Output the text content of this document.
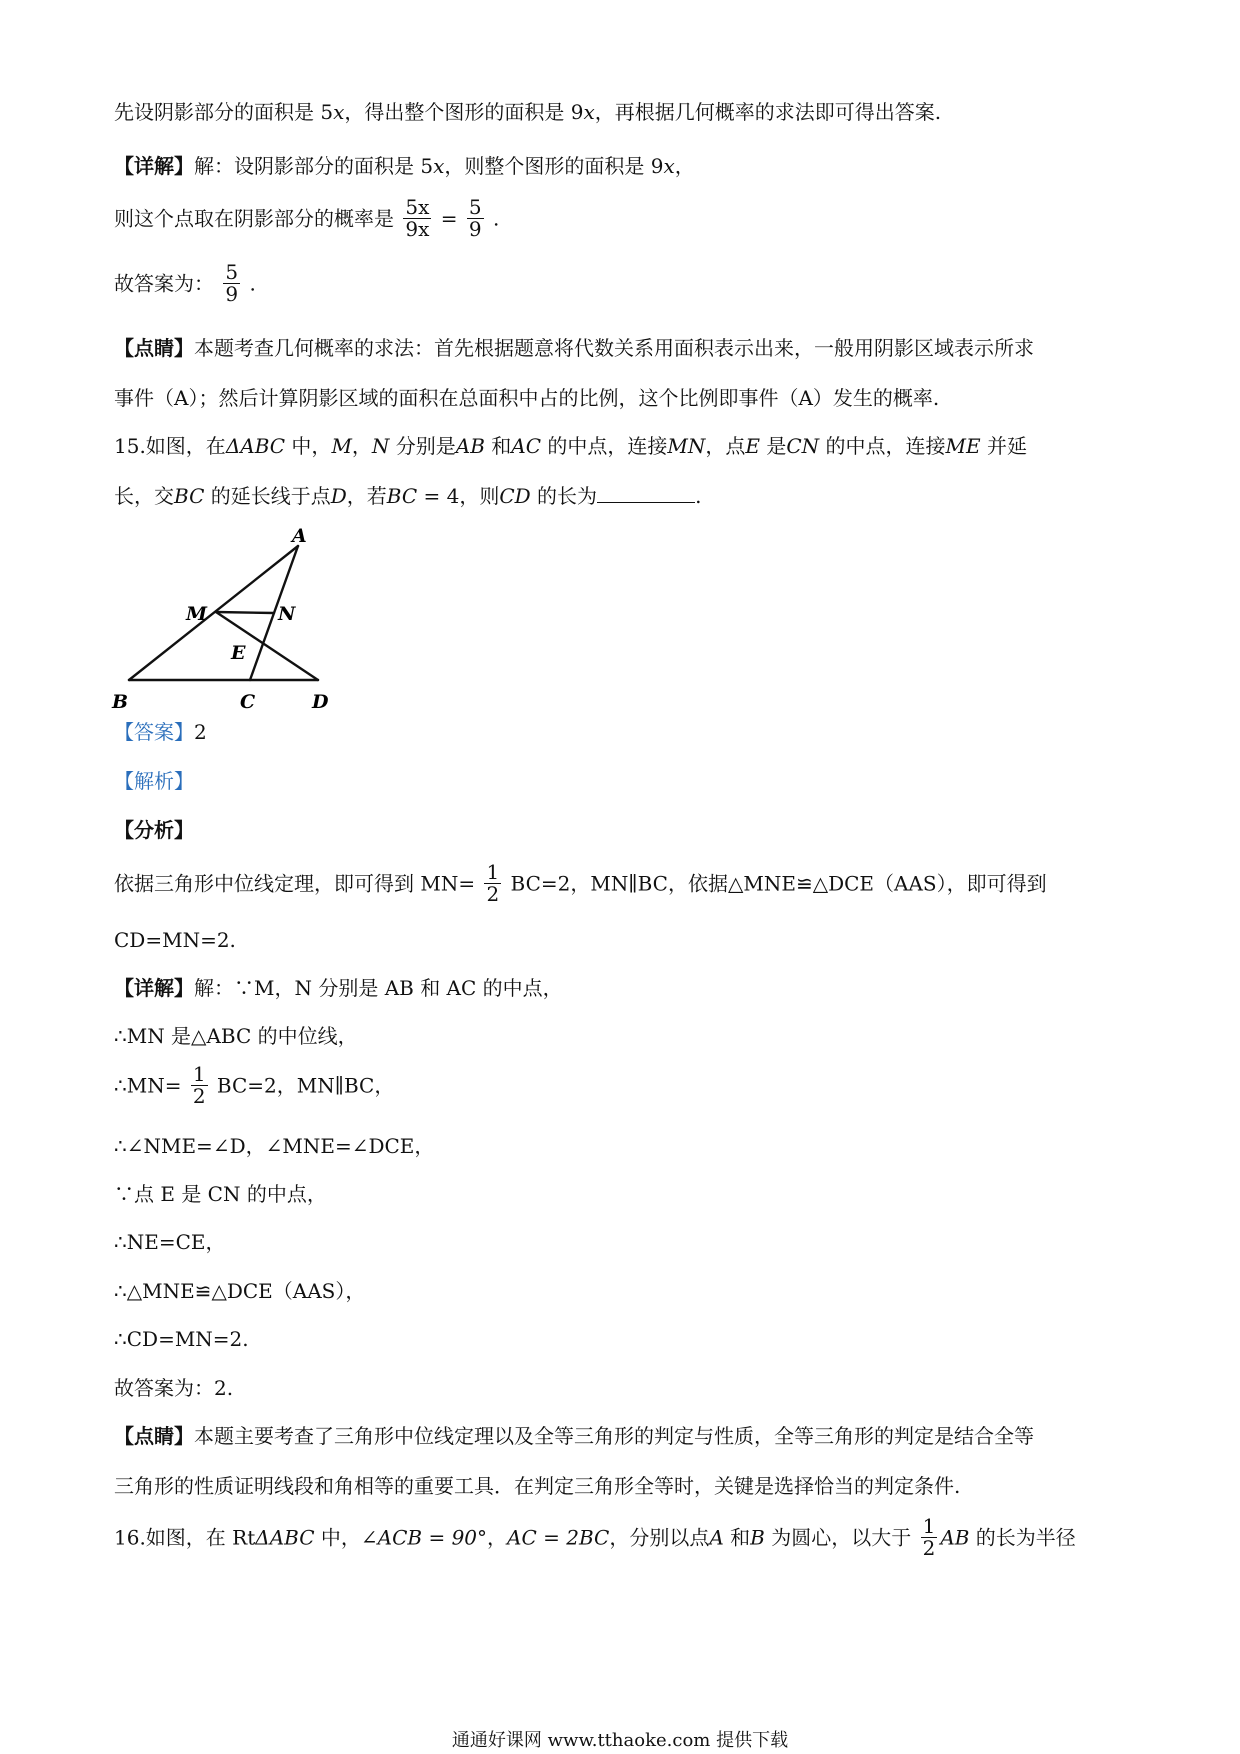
先设阴影部分的面积是 5x，得出整个图形的面积是 9x，再根据几何概率的求法即可得出答案.
【详解】解：设阴影部分的面积是 5x，则整个图形的面积是 9x，
则这个点取在阴影部分的概率是 $\frac{5x}{9x} = \frac{5}{9}$ .
故答案为： $\frac{5}{9}$ .
【点睛】本题考查几何概率的求法：首先根据题意将代数关系用面积表示出来，一般用阴影区域表示所求
事件（A）；然后计算阴影区域的面积在总面积中占的比例，这个比例即事件（A）发生的概率.
15.如图，在ΔABC 中，M，N 分别是AB 和AC 的中点，连接MN，点E 是CN 的中点，连接ME 并延
长，交BC 的延长线于点D，若BC = 4，则CD 的长为	.
A
M	N
E
B	C	D
【答案】2
【解析】
【分析】
依据三角形中位线定理，即可得到 $MN= \frac{1}{2} BC=2$，MN∥BC，依据△MNE≌△DCE（AAS），即可得到
CD=MN=2.
【详解】解：∵M，N 分别是 AB 和 AC 的中点，
∴MN 是△ABC 的中位线，
∴MN= $\frac{1}{2} BC=2$，MN∥BC，
∴∠NME=∠D，∠MNE=∠DCE，
∵点 E 是 CN 的中点，
∴NE=CE，
∴△MNE≌△DCE（AAS），
∴CD=MN=2.
故答案为：2.
【点睛】本题主要考查了三角形中位线定理以及全等三角形的判定与性质，全等三角形的判定是结合全等
三角形的性质证明线段和角相等的重要工具．在判定三角形全等时，关键是选择恰当的判定条件.
16.如图，在 RtΔABC 中，∠ACB = 90°，AC = 2BC，分别以点A 和B 为圆心，以大于 $\frac{1}{2}$ AB 的长为半径
通通好课网 www.tthaoke.com 提供下载
